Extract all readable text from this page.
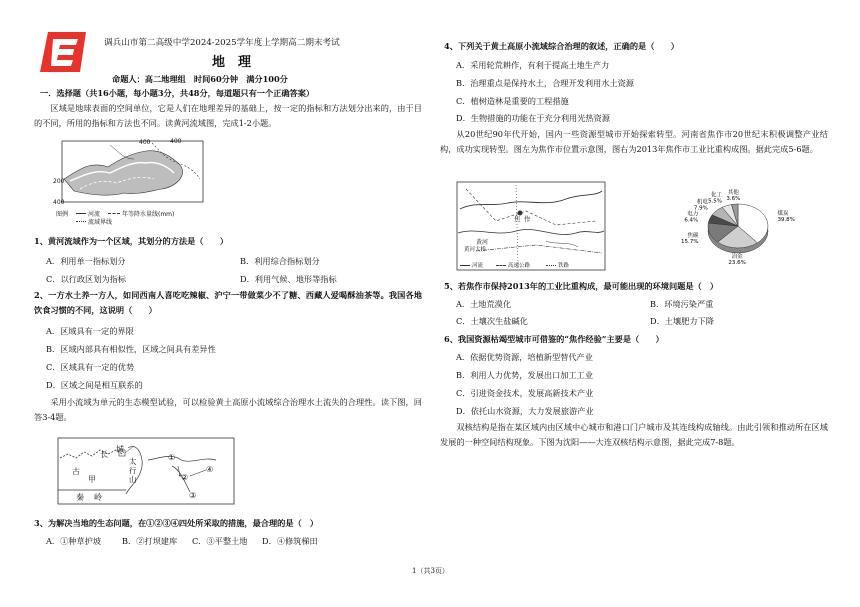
调兵山市第二高级中学2024-2025学年度上学期高二期末考试
地　理
命题人：高二地理组　时间60分钟　满分100分
一．选择题（共16小题，每小题3分，共48分，每道题只有一个正确答案）
区域是地球表面的空间单位，它是人们在地理差异的基础上，按一定的指标和方法划分出来的，由于目的不同，所用的指标和方法也不同。读黄河流域图，完成1-2小题。
400	400
200
400
图例	河流	年等降水量线(mm)
流域界线
1、黄河流域作为一个区域，其划分的方法是（　　）
A．利用单一指标划分	B．利用综合指标划分
C．以行政区划为指标	D．利用气候、地形等指标
2、一方水土养一方人，如同西南人喜吃吃辣椒、沪宁一带做菜少不了糖、西藏人爱喝酥油茶等。我国各地饮食习惯的不同，这说明（　　）
A．区域具有一定的界限
B．区域内部具有相似性，区域之间具有差异性
C．区域具有一定的优势
D．区域之间是相互联系的
采用小流域为单元的生态模型试验，可以检验黄土高原小流域综合治理水土流失的合理性。读下图，回答3-4题。
长
城
古
甲
秦 岭
太
行
山
①
②
③
④
3、为解决当地的生态问题，在①②③④四处所采取的措施，最合理的是（　）
A．①种草护坡	B．②打坝建库 C．③平整土地 D．④修筑梯田
4、下列关于黄土高原小流域综合治理的叙述，正确的是（　　）
A．采用轮荒耕作，有利于提高土地生产力
B．治理重点是保持水土，合理开发利用水土资源
C．植树造林是重要的工程措施
D．生物措施的功能在于充分利用光热资源
从20世纪90年代开始，国内一些资源型城市开始探索转型。河南省焦作市20世纪末积极调整产业结构，成功实现转型。图左为焦作市位置示意图，图右为2013年焦作市工业比重构成图。据此完成5-6题。
焦 作
黄河
黄河大桥
河流	高速公路	铁路
煤炭 39.8%
冶金 23.6%
焦碳 15.7%
电力 6.4%
机电 7.9%
化工 5.5%
其他 3.6%
5、若焦作市保持2013年的工业比重构成，最可能出现的环境问题是（　）
A．土地荒漠化	B．环境污染严重
C．土壤次生盐碱化	D．土壤肥力下降
6、我国资源枯竭型城市可借鉴的“焦作经验”主要是（　　）
A．依据优势资源，培植新型替代产业
B．利用人力优势，发展出口加工工业
C．引进资金技术，发展高新技术产业
D．依托山水资源，大力发展旅游产业
双核结构是指在某区域内由区域中心城市和港口门户城市及其连线构成轴线。由此引领和推动所在区域发展的一种空间结构现象。下图为沈阳——大连双核结构示意图，据此完成7-8题。
1（共3页）
